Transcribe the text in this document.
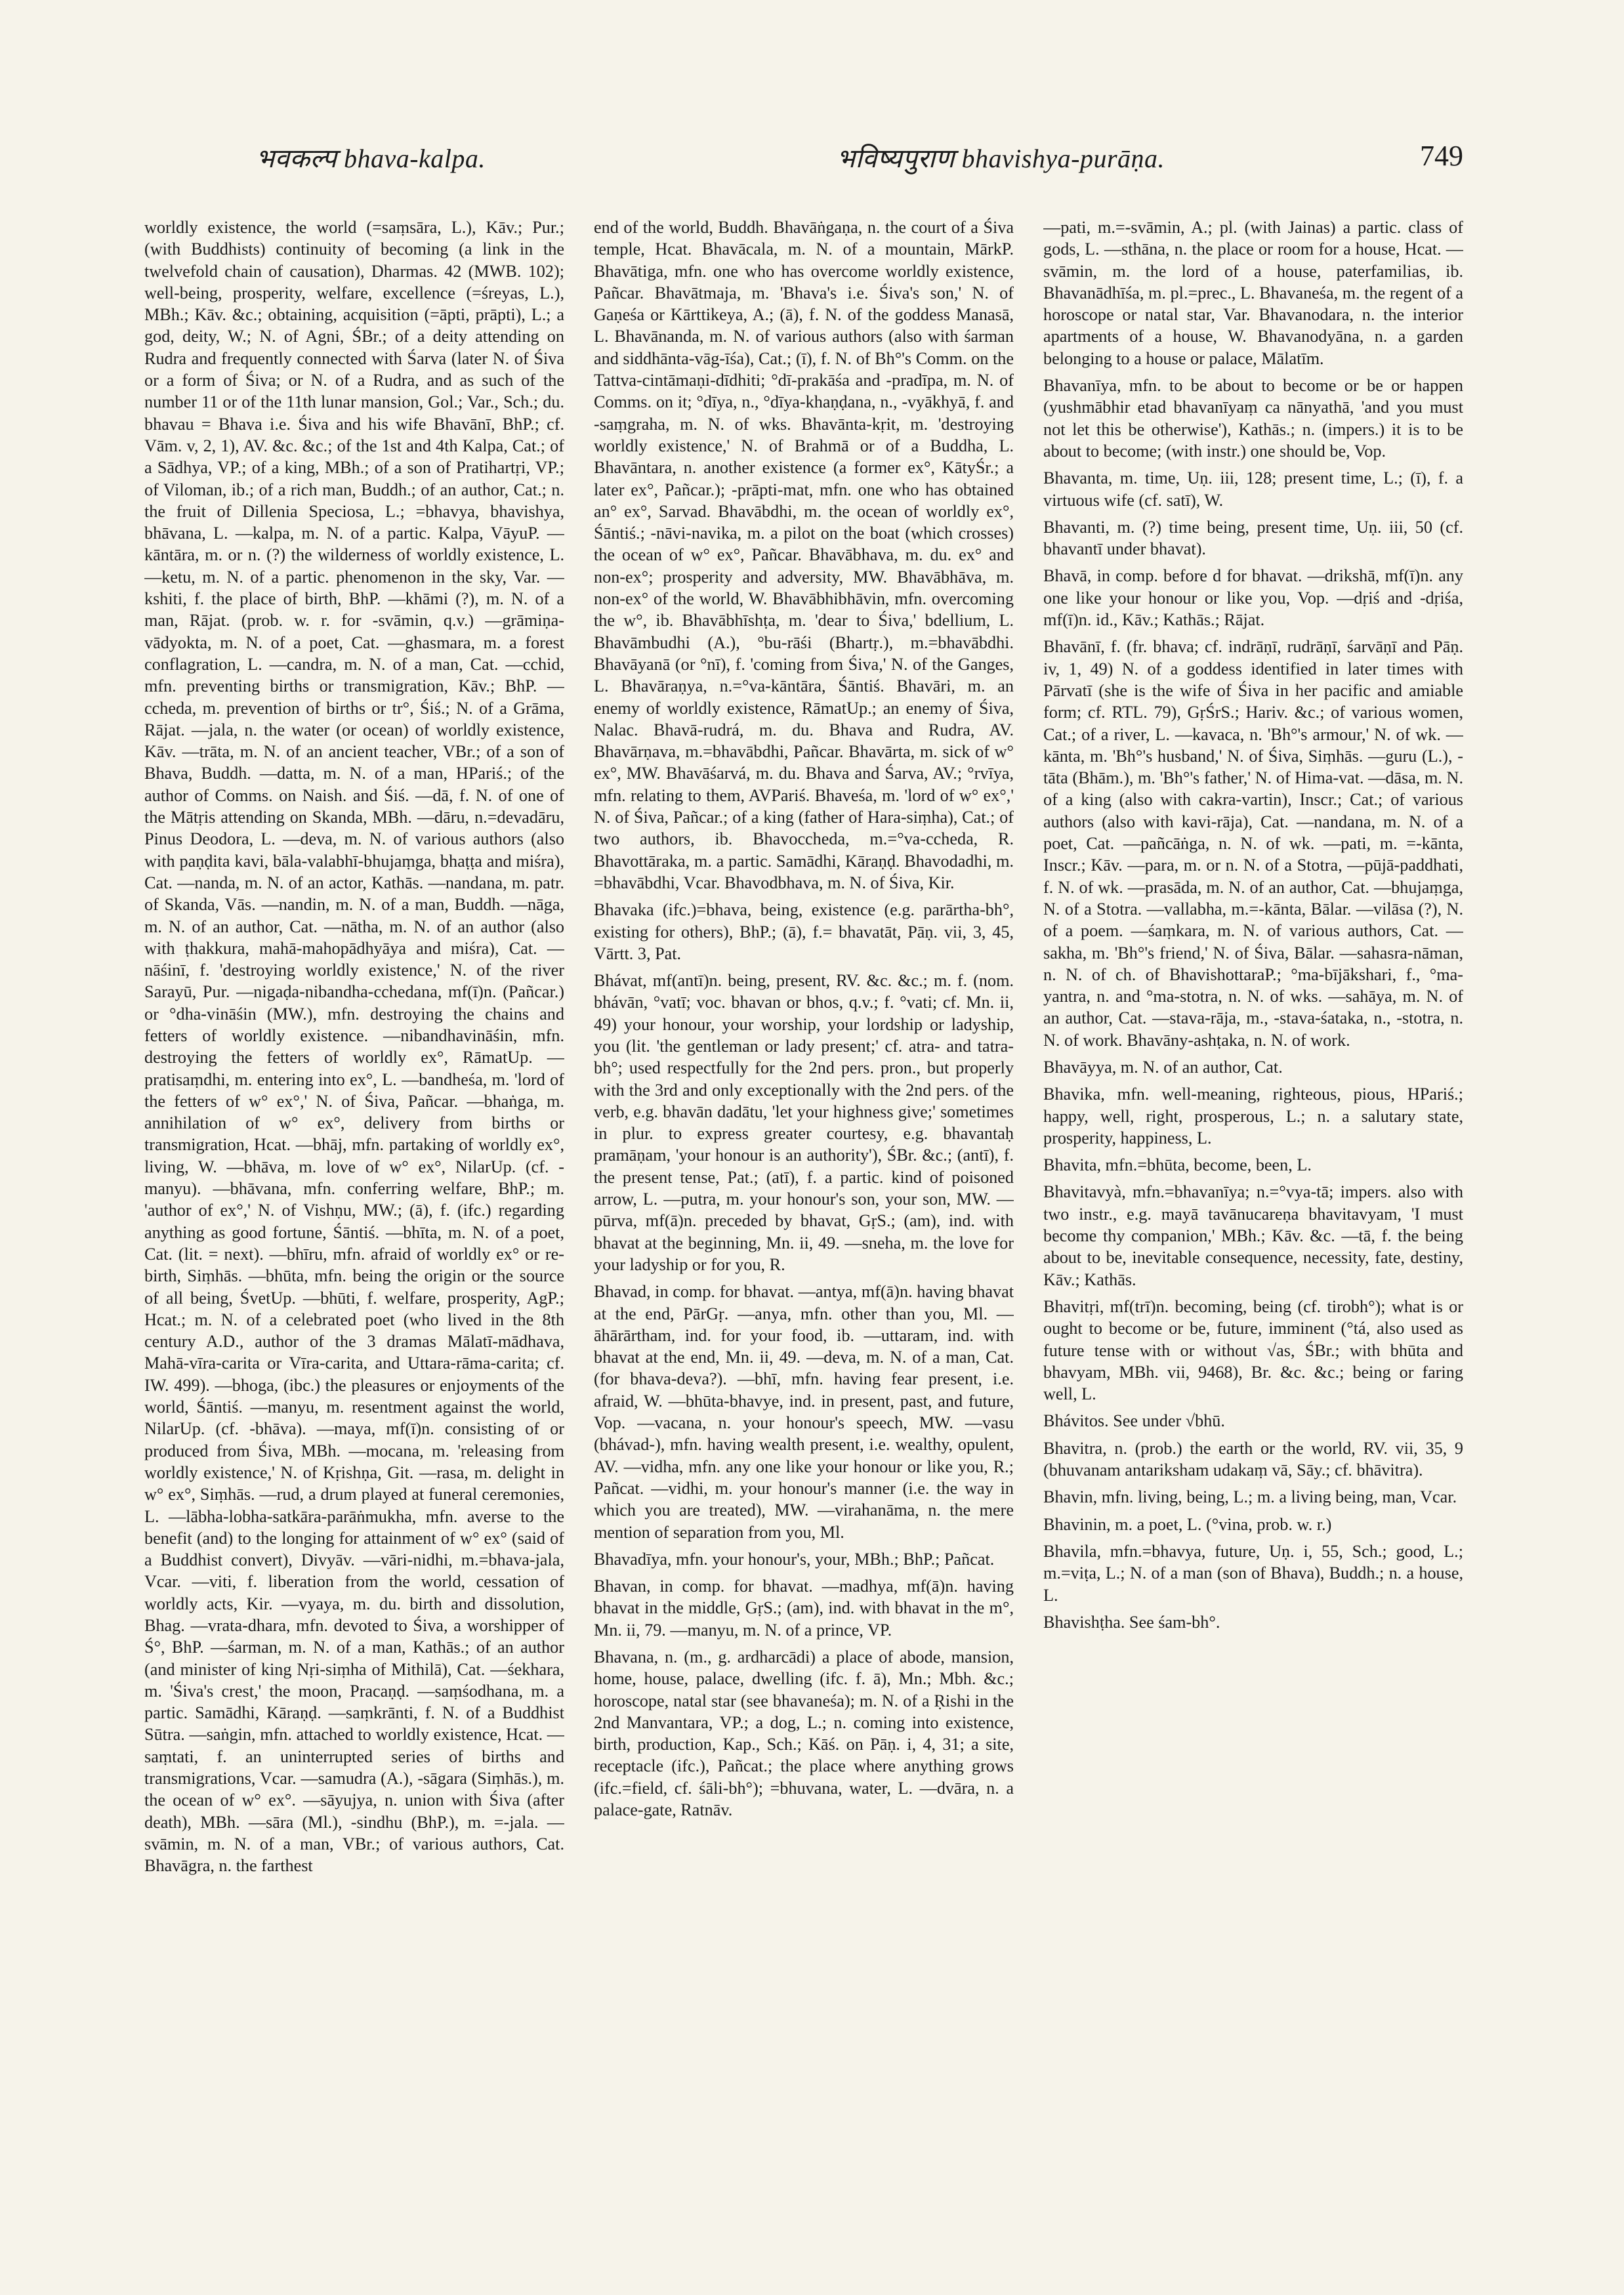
भवकल्प bhava-kalpa.	भविष्यपुराण bhavishya-purāṇa.	749

worldly existence, the world (=saṃsāra, L.), Kāv.; Pur.; (with Buddhists) continuity of becoming (a link in the twelvefold chain of causation), Dharmas. 42 (MWB. 102); well-being, prosperity, welfare, excellence (=śreyas, L.), MBh.; Kāv. &c.; obtaining, acquisition (=āpti, prāpti), L.; a god, deity, W.; N. of Agni, ŚBr.; of a deity attending on Rudra and frequently connected with Śarva (later N. of Śiva or a form of Śiva; or N. of a Rudra, and as such of the number 11 or of the 11th lunar mansion, Gol.; Var., Sch.; du. bhavau = Bhava i.e. Śiva and his wife Bhavānī, BhP.; cf. Vām. v, 2, 1), AV. &c. &c.; of the 1st and 4th Kalpa, Cat.; of a Sādhya, VP.; of a king, MBh.; of a son of Pratihartṛi, VP.; of Viloman, ib.; of a rich man, Buddh.; of an author, Cat.; n. the fruit of Dillenia Speciosa, L.; =bhavya, bhavishya, bhāvana, L. —kalpa, m. N. of a partic. Kalpa, VāyuP. —kāntāra, m. or n. (?) the wilderness of worldly existence, L. —ketu, m. N. of a partic. phenomenon in the sky, Var. —kshiti, f. the place of birth, BhP. —khāmi (?), m. N. of a man, Rājat. (prob. w. r. for -svāmin, q.v.) —grāmiṇa-vādyokta, m. N. of a poet, Cat. —ghasmara, m. a forest conflagration, L. —candra, m. N. of a man, Cat. —cchid, mfn. preventing births or transmigration, Kāv.; BhP. —ccheda, m. prevention of births or tr°, Śiś.; N. of a Grāma, Rājat. —jala, n. the water (or ocean) of worldly existence, Kāv. —trāta, m. N. of an ancient teacher, VBr.; of a son of Bhava, Buddh. —datta, m. N. of a man, HPariś.; of the author of Comms. on Naish. and Śiś. —dā, f. N. of one of the Mātṛis attending on Skanda, MBh. —dāru, n.=devadāru, Pinus Deodora, L. —deva, m. N. of various authors (also with paṇḍita kavi, bāla-valabhī-bhujaṃga, bhaṭṭa and miśra), Cat. —nanda, m. N. of an actor, Kathās. —nandana, m. patr. of Skanda, Vās. —nandin, m. N. of a man, Buddh. —nāga, m. N. of an author, Cat. —nātha, m. N. of an author (also with ṭhakkura, mahā-mahopādhyāya and miśra), Cat. —nāśinī, f. 'destroying worldly existence,' N. of the river Sarayū, Pur. —nigaḍa-nibandha-cchedana, mf(ī)n. (Pañcar.) or °dha-vināśin (MW.), mfn. destroying the chains and fetters of worldly existence. —nibandhavināśin, mfn. destroying the fetters of worldly ex°, RāmatUp. —pratisaṃdhi, m. entering into ex°, L. —bandheśa, m. 'lord of the fetters of w° ex°,' N. of Śiva, Pañcar. —bhaṅga, m. annihilation of w° ex°, delivery from births or transmigration, Hcat. —bhāj, mfn. partaking of worldly ex°, living, W. —bhāva, m. love of w° ex°, NilarUp. (cf. -manyu). —bhāvana, mfn. conferring welfare, BhP.; m. 'author of ex°,' N. of Vishṇu, MW.; (ā), f. (ifc.) regarding anything as good fortune, Śāntiś. —bhīta, m. N. of a poet, Cat. (lit. = next). —bhīru, mfn. afraid of worldly ex° or re-birth, Siṃhās. —bhūta, mfn. being the origin or the source of all being, ŚvetUp. —bhūti, f. welfare, prosperity, AgP.; Hcat.; m. N. of a celebrated poet (who lived in the 8th century A.D., author of the 3 dramas Mālatī-mādhava, Mahā-vīra-carita or Vīra-carita, and Uttara-rāma-carita; cf. IW. 499). —bhoga, (ibc.) the pleasures or enjoyments of the world, Śāntiś. —manyu, m. resentment against the world, NilarUp. (cf. -bhāva). —maya, mf(ī)n. consisting of or produced from Śiva, MBh. —mocana, m. 'releasing from worldly existence,' N. of Kṛishṇa, Git. —rasa, m. delight in w° ex°, Siṃhās. —rud, a drum played at funeral ceremonies, L. —lābha-lobha-satkāra-parāṅmukha, mfn. averse to the benefit (and) to the longing for attainment of w° ex° (said of a Buddhist convert), Divyāv. —vāri-nidhi, m.=bhava-jala, Vcar. —viti, f. liberation from the world, cessation of worldly acts, Kir. —vyaya, m. du. birth and dissolution, Bhag. —vrata-dhara, mfn. devoted to Śiva, a worshipper of Ś°, BhP. —śarman, m. N. of a man, Kathās.; of an author (and minister of king Nṛi-siṃha of Mithilā), Cat. —śekhara, m. 'Śiva's crest,' the moon, Pracaṇḍ. —saṃśodhana, m. a partic. Samādhi, Kāraṇḍ. —saṃkrānti, f. N. of a Buddhist Sūtra. —saṅgin, mfn. attached to worldly existence, Hcat. —saṃtati, f. an uninterrupted series of births and transmigrations, Vcar. —samudra (A.), -sāgara (Siṃhās.), m. the ocean of w° ex°. —sāyujya, n. union with Śiva (after death), MBh. —sāra (Ml.), -sindhu (BhP.), m. =-jala. —svāmin, m. N. of a man, VBr.; of various authors, Cat. Bhavāgra, n. the farthest

end of the world, Buddh. Bhavāṅgaṇa, n. the court of a Śiva temple, Hcat. Bhavācala, m. N. of a mountain, MārkP. Bhavātiga, mfn. one who has overcome worldly existence, Pañcar. Bhavātmaja, m. 'Bhava's i.e. Śiva's son,' N. of Gaṇeśa or Kārttikeya, A.; (ā), f. N. of the goddess Manasā, L. Bhavānanda, m. N. of various authors (also with śarman and siddhānta-vāg-īśa), Cat.; (ī), f. N. of Bh°'s Comm. on the Tattva-cintāmaṇi-dīdhiti; °dī-prakāśa and -pradīpa, m. N. of Comms. on it; °dīya, n., °dīya-khaṇḍana, n., -vyākhyā, f. and -saṃgraha, m. N. of wks. Bhavānta-kṛit, m. 'destroying worldly existence,' N. of Brahmā or of a Buddha, L. Bhavāntara, n. another existence (a former ex°, KātyŚr.; a later ex°, Pañcar.); -prāpti-mat, mfn. one who has obtained an° ex°, Sarvad. Bhavābdhi, m. the ocean of worldly ex°, Śāntiś.; -nāvi-navika, m. a pilot on the boat (which crosses) the ocean of w° ex°, Pañcar. Bhavābhava, m. du. ex° and non-ex°; prosperity and adversity, MW. Bhavābhāva, m. non-ex° of the world, W. Bhavābhibhāvin, mfn. overcoming the w°, ib. Bhavābhīshṭa, m. 'dear to Śiva,' bdellium, L. Bhavāmbudhi (A.), °bu-rāśi (Bhartṛ.), m.=bhavābdhi. Bhavāyanā (or °nī), f. 'coming from Śiva,' N. of the Ganges, L. Bhavāraṇya, n.=°va-kāntāra, Śāntiś. Bhavāri, m. an enemy of worldly existence, RāmatUp.; an enemy of Śiva, Nalac. Bhavā-rudrá, m. du. Bhava and Rudra, AV. Bhavārṇava, m.=bhavābdhi, Pañcar. Bhavārta, m. sick of w° ex°, MW. Bhavāśarvá, m. du. Bhava and Śarva, AV.; °rvīya, mfn. relating to them, AVPariś. Bhaveśa, m. 'lord of w° ex°,' N. of Śiva, Pañcar.; of a king (father of Hara-siṃha), Cat.; of two authors, ib. Bhavoccheda, m.=°va-ccheda, R. Bhavottāraka, m. a partic. Samādhi, Kāraṇḍ. Bhavodadhi, m. =bhavābdhi, Vcar. Bhavodbhava, m. N. of Śiva, Kir.

Bhavaka (ifc.)=bhava, being, existence (e.g. parārtha-bh°, existing for others), BhP.; (ā), f.= bhavatāt, Pāṇ. vii, 3, 45, Vārtt. 3, Pat.

Bhávat, mf(antī)n. being, present, RV. &c. &c.; m. f. (nom. bhávān, °vatī; voc. bhavan or bhos, q.v.; f. °vati; cf. Mn. ii, 49) your honour, your worship, your lordship or ladyship, you (lit. 'the gentleman or lady present;' cf. atra- and tatra-bh°; used respectfully for the 2nd pers. pron., but properly with the 3rd and only exceptionally with the 2nd pers. of the verb, e.g. bhavān dadātu, 'let your highness give;' sometimes in plur. to express greater courtesy, e.g. bhavantaḥ pramāṇam, 'your honour is an authority'), ŚBr. &c.; (antī), f. the present tense, Pat.; (atī), f. a partic. kind of poisoned arrow, L. —putra, m. your honour's son, your son, MW. —pūrva, mf(ā)n. preceded by bhavat, GṛS.; (am), ind. with bhavat at the beginning, Mn. ii, 49. —sneha, m. the love for your ladyship or for you, R.

Bhavad, in comp. for bhavat. —antya, mf(ā)n. having bhavat at the end, PārGṛ. —anya, mfn. other than you, Ml. —āhārārtham, ind. for your food, ib. —uttaram, ind. with bhavat at the end, Mn. ii, 49. —deva, m. N. of a man, Cat. (for bhava-deva?). —bhī, mfn. having fear present, i.e. afraid, W. —bhūta-bhavye, ind. in present, past, and future, Vop. —vacana, n. your honour's speech, MW. —vasu (bhávad-), mfn. having wealth present, i.e. wealthy, opulent, AV. —vidha, mfn. any one like your honour or like you, R.; Pañcat. —vidhi, m. your honour's manner (i.e. the way in which you are treated), MW. —virahanāma, n. the mere mention of separation from you, Ml.

Bhavadīya, mfn. your honour's, your, MBh.; BhP.; Pañcat.

Bhavan, in comp. for bhavat. —madhya, mf(ā)n. having bhavat in the middle, GṛS.; (am), ind. with bhavat in the m°, Mn. ii, 79. —manyu, m. N. of a prince, VP.

Bhavana, n. (m., g. ardharcādi) a place of abode, mansion, home, house, palace, dwelling (ifc. f. ā), Mn.; Mbh. &c.; horoscope, natal star (see bhavaneśa); m. N. of a Ṛishi in the 2nd Manvantara, VP.; a dog, L.; n. coming into existence, birth, production, Kap., Sch.; Kāś. on Pāṇ. i, 4, 31; a site, receptacle (ifc.), Pañcat.; the place where anything grows (ifc.=field, cf. śāli-bh°); =bhuvana, water, L. —dvāra, n. a palace-gate, Ratnāv.

—pati, m.=-svāmin, A.; pl. (with Jainas) a partic. class of gods, L. —sthāna, n. the place or room for a house, Hcat. —svāmin, m. the lord of a house, paterfamilias, ib. Bhavanādhīśa, m. pl.=prec., L. Bhavaneśa, m. the regent of a horoscope or natal star, Var. Bhavanodara, n. the interior apartments of a house, W. Bhavanodyāna, n. a garden belonging to a house or palace, Mālatīm.

Bhavanīya, mfn. to be about to become or be or happen (yushmābhir etad bhavanīyaṃ ca nānyathā, 'and you must not let this be otherwise'), Kathās.; n. (impers.) it is to be about to become; (with instr.) one should be, Vop.

Bhavanta, m. time, Uṇ. iii, 128; present time, L.; (ī), f. a virtuous wife (cf. satī), W.

Bhavanti, m. (?) time being, present time, Uṇ. iii, 50 (cf. bhavantī under bhavat).

Bhavā, in comp. before d for bhavat. —drikshā, mf(ī)n. any one like your honour or like you, Vop. —dṛiś and -dṛiśa, mf(ī)n. id., Kāv.; Kathās.; Rājat.

Bhavānī, f. (fr. bhava; cf. indrāṇī, rudrāṇī, śarvāṇī and Pāṇ. iv, 1, 49) N. of a goddess identified in later times with Pārvatī (she is the wife of Śiva in her pacific and amiable form; cf. RTL. 79), GṛŚrS.; Hariv. &c.; of various women, Cat.; of a river, L. —kavaca, n. 'Bh°'s armour,' N. of wk. —kānta, m. 'Bh°'s husband,' N. of Śiva, Siṃhās. —guru (L.), -tāta (Bhām.), m. 'Bh°'s father,' N. of Hima-vat. —dāsa, m. N. of a king (also with cakra-vartin), Inscr.; Cat.; of various authors (also with kavi-rāja), Cat. —nandana, m. N. of a poet, Cat. —pañcāṅga, n. N. of wk. —pati, m. =-kānta, Inscr.; Kāv. —para, m. or n. N. of a Stotra, —pūjā-paddhati, f. N. of wk. —prasāda, m. N. of an author, Cat. —bhujaṃga, N. of a Stotra. —vallabha, m.=-kānta, Bālar. —vilāsa (?), N. of a poem. —śaṃkara, m. N. of various authors, Cat. —sakha, m. 'Bh°'s friend,' N. of Śiva, Bālar. —sahasra-nāman, n. N. of ch. of BhavishottaraP.; °ma-bījākshari, f., °ma-yantra, n. and °ma-stotra, n. N. of wks. —sahāya, m. N. of an author, Cat. —stava-rāja, m., -stava-śataka, n., -stotra, n. N. of work. Bhavāny-ashṭaka, n. N. of work.

Bhavāyya, m. N. of an author, Cat.

Bhavika, mfn. well-meaning, righteous, pious, HPariś.; happy, well, right, prosperous, L.; n. a salutary state, prosperity, happiness, L.

Bhavita, mfn.=bhūta, become, been, L.

Bhavitavyà, mfn.=bhavanīya; n.=°vya-tā; impers. also with two instr., e.g. mayā tavānucareṇa bhavitavyam, 'I must become thy companion,' MBh.; Kāv. &c. —tā, f. the being about to be, inevitable consequence, necessity, fate, destiny, Kāv.; Kathās.

Bhavitṛi, mf(trī)n. becoming, being (cf. tirobh°); what is or ought to become or be, future, imminent (°tá, also used as future tense with or without √as, ŚBr.; with bhūta and bhavyam, MBh. vii, 9468), Br. &c. &c.; being or faring well, L.

Bhávitos. See under √bhū.

Bhavitra, n. (prob.) the earth or the world, RV. vii, 35, 9 (bhuvanam antariksham udakaṃ vā, Sāy.; cf. bhāvitra).

Bhavin, mfn. living, being, L.; m. a living being, man, Vcar.

Bhavinin, m. a poet, L. (°vina, prob. w. r.)

Bhavila, mfn.=bhavya, future, Uṇ. i, 55, Sch.; good, L.; m.=viṭa, L.; N. of a man (son of Bhava), Buddh.; n. a house, L.

Bhavishṭha. See śam-bh°.
